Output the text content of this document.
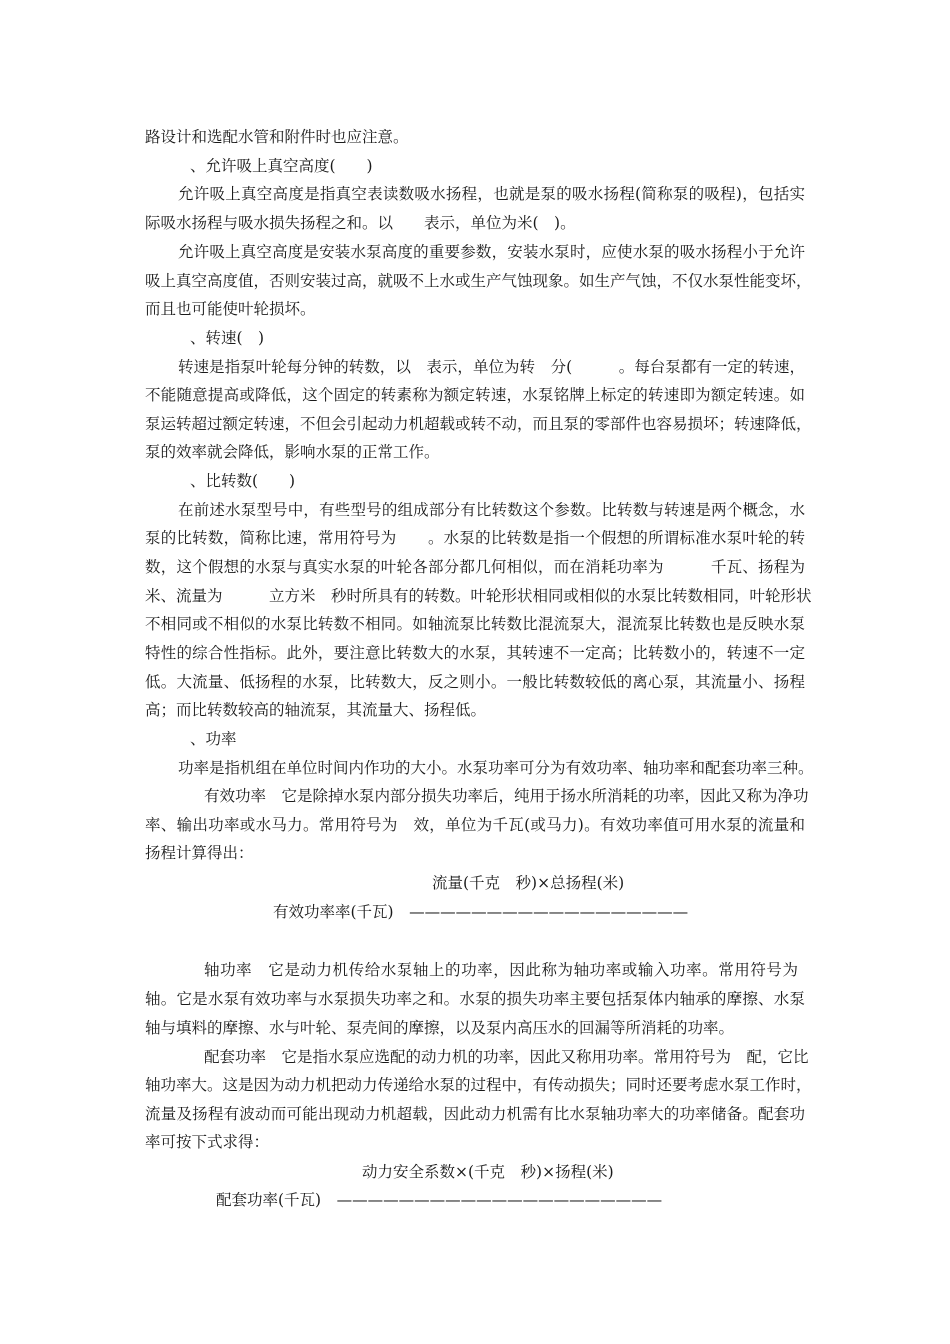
路设计和选配水管和附件时也应注意。
、允许吸上真空高度(　　)
允许吸上真空高度是指真空表读数吸水扬程，也就是泵的吸水扬程(简称泵的吸程)，包括实
际吸水扬程与吸水损失扬程之和。以　　表示，单位为米(　)。
允许吸上真空高度是安装水泵高度的重要参数，安装水泵时，应使水泵的吸水扬程小于允许
吸上真空高度值，否则安装过高，就吸不上水或生产气蚀现象。如生产气蚀，不仅水泵性能变坏，
而且也可能使叶轮损坏。
、转速(　)
转速是指泵叶轮每分钟的转数，以　表示，单位为转　分(　　　。每台泵都有一定的转速，
不能随意提高或降低，这个固定的转素称为额定转速，水泵铭牌上标定的转速即为额定转速。如
泵运转超过额定转速，不但会引起动力机超载或转不动，而且泵的零部件也容易损坏；转速降低，
泵的效率就会降低，影响水泵的正常工作。
、比转数(　　)
在前述水泵型号中，有些型号的组成部分有比转数这个参数。比转数与转速是两个概念，水
泵的比转数，简称比速，常用符号为　　。水泵的比转数是指一个假想的所谓标准水泵叶轮的转
数，这个假想的水泵与真实水泵的叶轮各部分都几何相似，而在消耗功率为　　　千瓦、扬程为
米、流量为　　　立方米　秒时所具有的转数。叶轮形状相同或相似的水泵比转数相同，叶轮形状
不相同或不相似的水泵比转数不相同。如轴流泵比转数比混流泵大，混流泵比转数也是反映水泵
特性的综合性指标。此外，要注意比转数大的水泵，其转速不一定高；比转数小的，转速不一定
低。大流量、低扬程的水泵，比转数大，反之则小。一般比转数较低的离心泵，其流量小、扬程
高；而比转数较高的轴流泵，其流量大、扬程低。
、功率
功率是指机组在单位时间内作功的大小。水泵功率可分为有效功率、轴功率和配套功率三种。
有效功率　它是除掉水泵内部分损失功率后，纯用于扬水所消耗的功率，因此又称为净功
率、输出功率或水马力。常用符号为　效，单位为千瓦(或马力)。有效功率值可用水泵的流量和
扬程计算得出：
流量(千克　秒)×总扬程(米)
有效功率率(千瓦)　——————————————————
轴功率　它是动力机传给水泵轴上的功率，因此称为轴功率或输入功率。常用符号为
轴。它是水泵有效功率与水泵损失功率之和。水泵的损失功率主要包括泵体内轴承的摩擦、水泵
轴与填料的摩擦、水与叶轮、泵壳间的摩擦，以及泵内高压水的回漏等所消耗的功率。
配套功率　它是指水泵应选配的动力机的功率，因此又称用功率。常用符号为　配，它比
轴功率大。这是因为动力机把动力传递给水泵的过程中，有传动损失；同时还要考虑水泵工作时，
流量及扬程有波动而可能出现动力机超载，因此动力机需有比水泵轴功率大的功率储备。配套功
率可按下式求得：
动力安全系数×(千克　秒)×扬程(米)
配套功率(千瓦)　—————————————————————
